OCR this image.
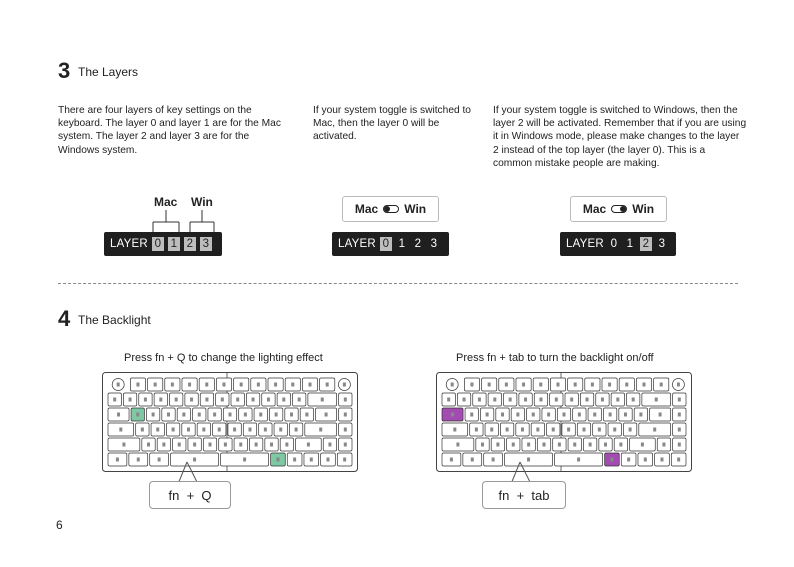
3 The Layers
There are four layers of key settings on the keyboard. The layer 0 and layer 1 are for the Mac system. The layer 2 and layer 3 are for the Windows system.
If your system toggle is switched to Mac, then the layer 0 will be activated.
If your system toggle is switched to Windows, then the layer 2 will be activated. Remember that if you are using it in Windows mode, please make changes to the layer 2 instead of the top layer (the layer 0). This is a common mistake people are making.
Mac Win
LAYER 0 1 2 3
Mac Win
LAYER 0 1 2 3
Mac Win
LAYER 0 1 2 3
4 The Backlight
Press fn + Q to change the lighting effect	Press fn + tab to turn the backlight on/off
fn  +  Q	fn  +  tab
6
